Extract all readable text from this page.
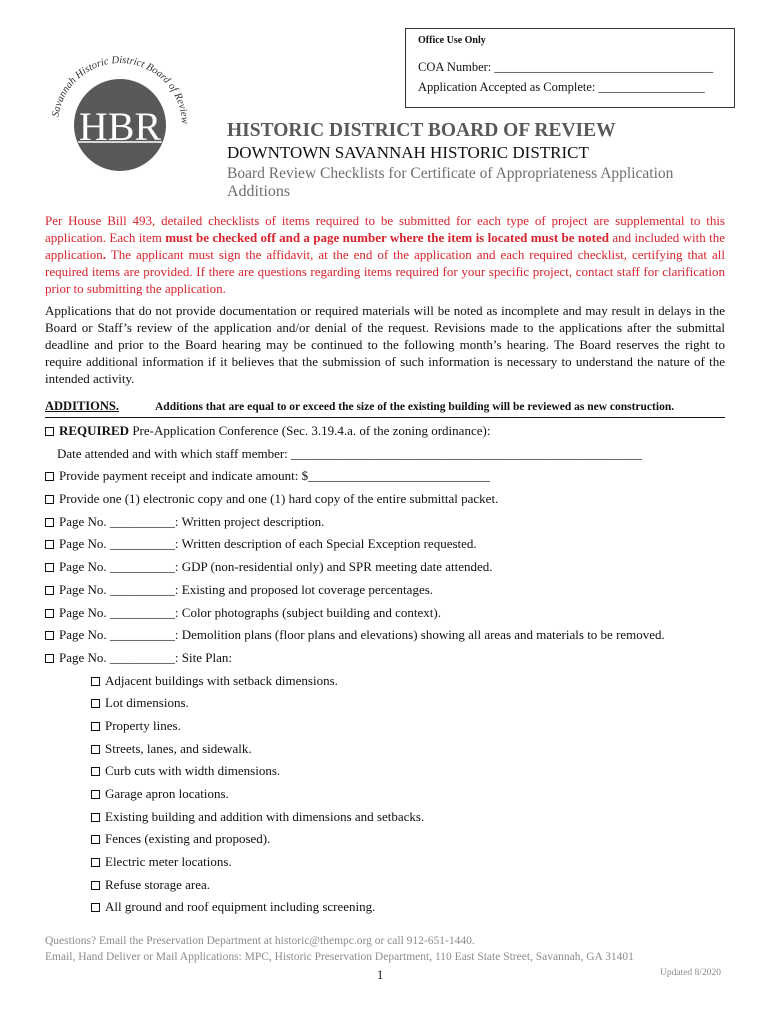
Office Use Only
COA Number: ___________________________________
Application Accepted as Complete: _________________
Savannah Historic District Board of Review
HBR	HISTORIC DISTRICT BOARD OF REVIEW
DOWNTOWN SAVANNAH HISTORIC DISTRICT
Board Review Checklists for Certificate of Appropriateness Application
Additions
Per House Bill 493, detailed checklists of items required to be submitted for each type of project are supplemental to this application. Each item must be checked off and a page number where the item is located must be noted and included with the application. The applicant must sign the affidavit, at the end of the application and each required checklist, certifying that all required items are provided. If there are questions regarding items required for your specific project, contact staff for clarification prior to submitting the application.
Applications that do not provide documentation or required materials will be noted as incomplete and may result in delays in the Board or Staff’s review of the application and/or denial of the request. Revisions made to the applications after the submittal deadline and prior to the Board hearing may be continued to the following month’s hearing. The Board reserves the right to require additional information if it believes that the submission of such information is necessary to understand the nature of the intended activity.
ADDITIONS.	Additions that are equal to or exceed the size of the existing building will be reviewed as new construction.
REQUIRED Pre-Application Conference (Sec. 3.19.4.a. of the zoning ordinance):
Date attended and with which staff member: ______________________________________________________
Provide payment receipt and indicate amount: $____________________________
Provide one (1) electronic copy and one (1) hard copy of the entire submittal packet.
Page No. __________: Written project description.
Page No. __________: Written description of each Special Exception requested.
Page No. __________: GDP (non-residential only) and SPR meeting date attended.
Page No. __________: Existing and proposed lot coverage percentages.
Page No. __________: Color photographs (subject building and context).
Page No. __________: Demolition plans (floor plans and elevations) showing all areas and materials to be removed.
Page No. __________: Site Plan:
Adjacent buildings with setback dimensions.
Lot dimensions.
Property lines.
Streets, lanes, and sidewalk.
Curb cuts with width dimensions.
Garage apron locations.
Existing building and addition with dimensions and setbacks.
Fences (existing and proposed).
Electric meter locations.
Refuse storage area.
All ground and roof equipment including screening.
Questions? Email the Preservation Department at historic@thempc.org or call 912-651-1440.
Email, Hand Deliver or Mail Applications: MPC, Historic Preservation Department, 110 East State Street, Savannah, GA 31401
1	Updated 8/2020
